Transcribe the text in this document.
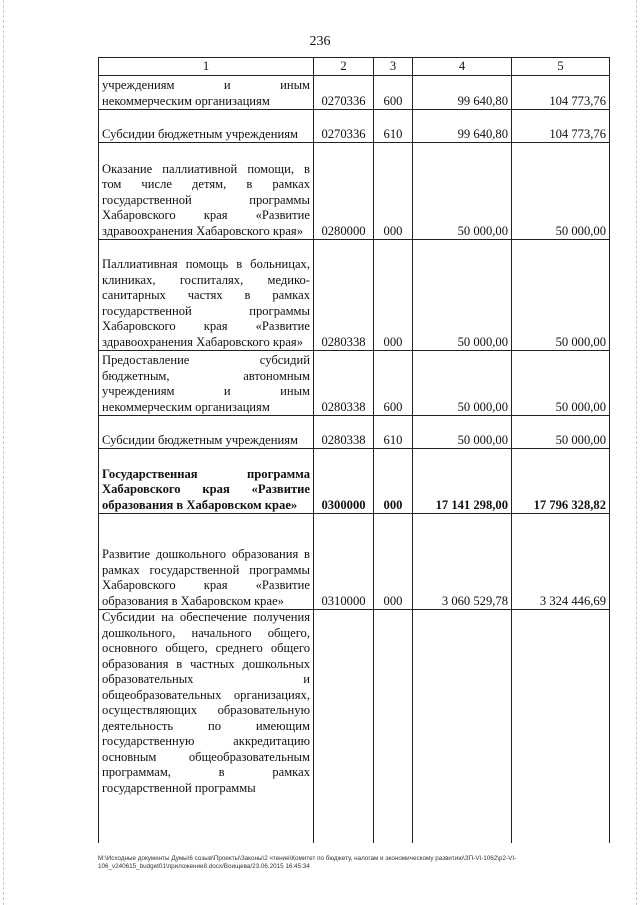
236
1	2	3	4	5
учреждениям и иным некоммерческим организациям	0270336	600	99 640,80	104 773,76
Субсидии бюджетным учреждениям	0270336	610	99 640,80	104 773,76
Оказание паллиативной помощи, в том числе детям, в рамках государственной программы Хабаровского края «Развитие здравоохранения Хабаровского края»	0280000	000	50 000,00	50 000,00
Паллиативная помощь в больницах, клиниках, госпиталях, медико-санитарных частях в рамках государственной программы Хабаровского края «Развитие здравоохранения Хабаровского края»	0280338	000	50 000,00	50 000,00
Предоставление субсидий бюджетным, автономным учреждениям и иным некоммерческим организациям	0280338	600	50 000,00	50 000,00
Субсидии бюджетным учреждениям	0280338	610	50 000,00	50 000,00
Государственная программа Хабаровского края «Развитие образования в Хабаровском крае»	0300000	000	17 141 298,00	17 796 328,82
Развитие дошкольного образования в рамках государственной программы Хабаровского края «Развитие образования в Хабаровском крае»	0310000	000	3 060 529,78	3 324 446,69
Субсидии на обеспечение получения дошкольного, начального общего, основного общего, среднего общего образования в частных дошкольных образовательных и общеобразовательных организациях, осуществляющих образовательную деятельность по имеющим государственную аккредитацию основным общеобразовательным программам, в рамках государственной программы				
М:\Исходные документы Думы\6 созыв\Проекты\Законы\2 чтение\Комитет по бюджету, налогам и экономическому развитию\ЗП-VI-1062\р2-VI-106_v240615_budget01\приложение8.docx/Воищева/23.06.2015 16:45:34
